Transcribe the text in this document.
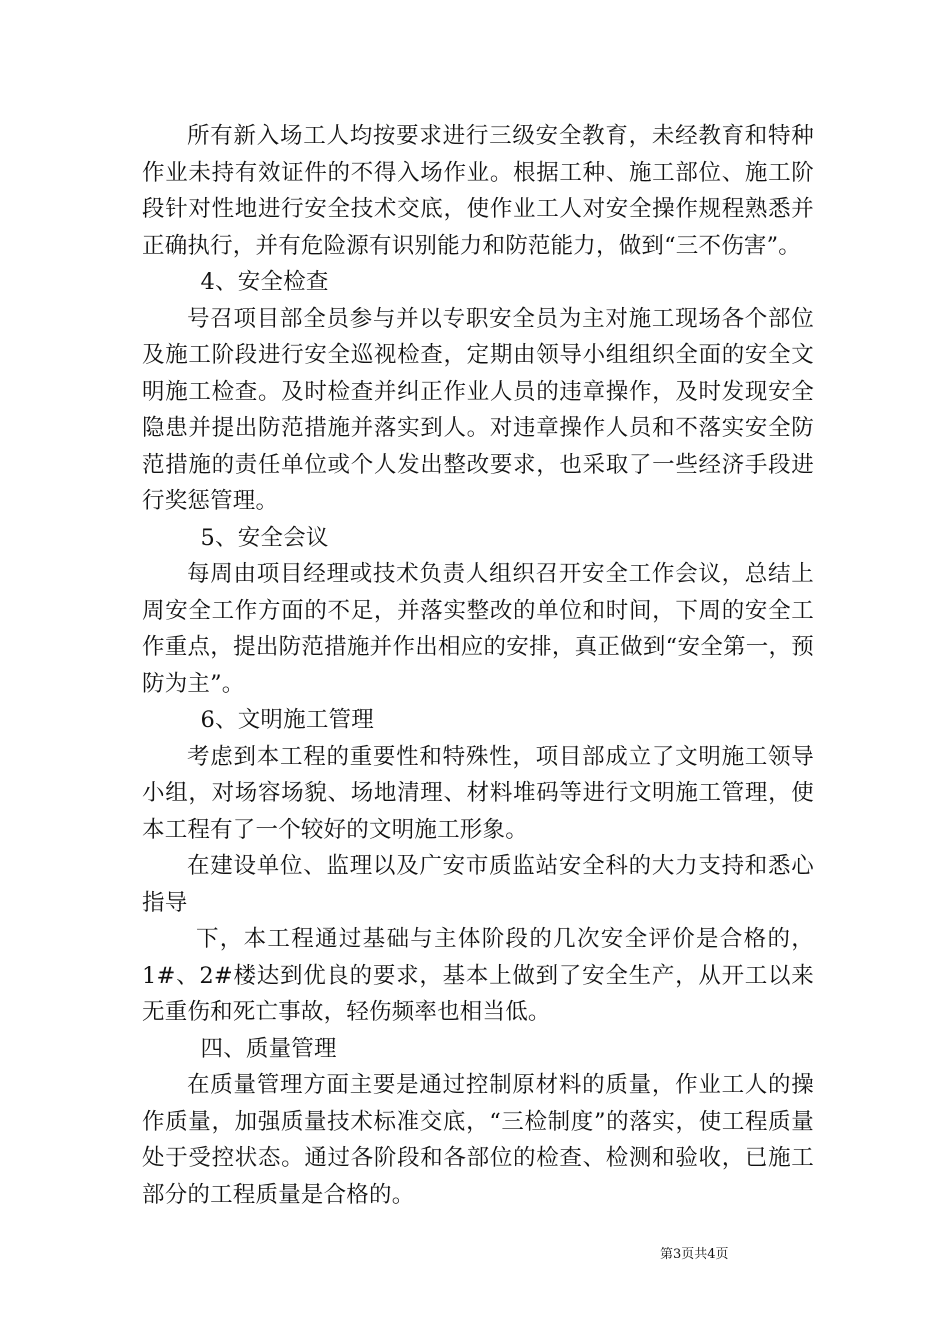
所有新入场工人均按要求进行三级安全教育，未经教育和特种作业未持有效证件的不得入场作业。根据工种、施工部位、施工阶段针对性地进行安全技术交底，使作业工人对安全操作规程熟悉并正确执行，并有危险源有识别能力和防范能力，做到“三不伤害”。

4、安全检查

号召项目部全员参与并以专职安全员为主对施工现场各个部位及施工阶段进行安全巡视检查，定期由领导小组组织全面的安全文明施工检查。及时检查并纠正作业人员的违章操作，及时发现安全隐患并提出防范措施并落实到人。对违章操作人员和不落实安全防范措施的责任单位或个人发出整改要求，也采取了一些经济手段进行奖惩管理。

5、安全会议

每周由项目经理或技术负责人组织召开安全工作会议，总结上周安全工作方面的不足，并落实整改的单位和时间，下周的安全工作重点，提出防范措施并作出相应的安排，真正做到“安全第一，预防为主”。

6、文明施工管理

考虑到本工程的重要性和特殊性，项目部成立了文明施工领导小组，对场容场貌、场地清理、材料堆码等进行文明施工管理，使本工程有了一个较好的文明施工形象。

在建设单位、监理以及广安市质监站安全科的大力支持和悉心指导

下，本工程通过基础与主体阶段的几次安全评价是合格的，1#、2#楼达到优良的要求，基本上做到了安全生产，从开工以来无重伤和死亡事故，轻伤频率也相当低。

四、质量管理

在质量管理方面主要是通过控制原材料的质量，作业工人的操作质量，加强质量技术标准交底，“三检制度”的落实，使工程质量处于受控状态。通过各阶段和各部位的检查、检测和验收，已施工部分的工程质量是合格的。

第3页共4页
